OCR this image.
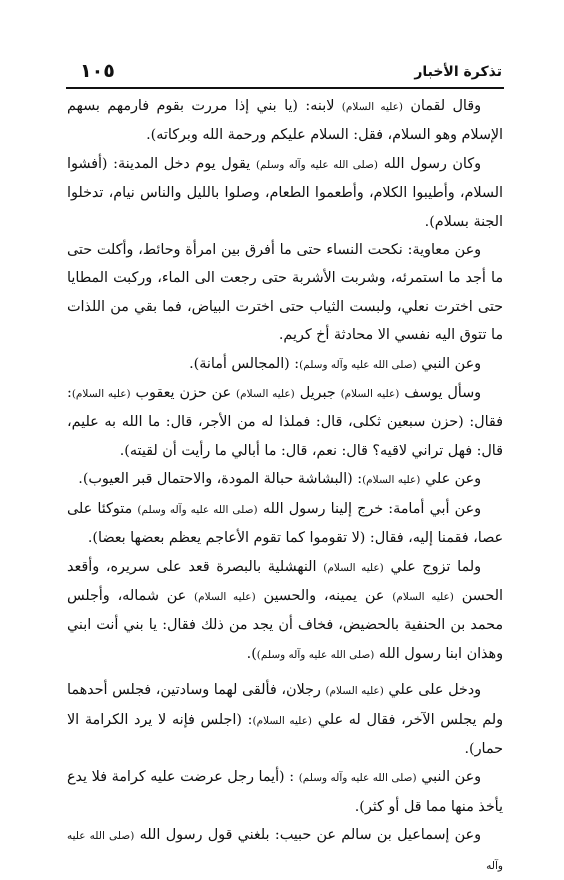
تذكرة الأخبار
١٠٥

وقال لقمان (عليه السلام) لابنه: (يا بني إذا مررت بقوم فارمهم بسهم الإسلام وهو السلام، فقل: السلام عليكم ورحمة الله وبركاته).

وكان رسول الله (صلى الله عليه وآله وسلم) يقول يوم دخل المدينة: (أفشوا السلام، وأطيبوا الكلام، وأطعموا الطعام، وصلوا بالليل والناس نيام، تدخلوا الجنة بسلام).

وعن معاوية: نكحت النساء حتى ما أفرق بين امرأة وحائط، وأكلت حتى ما أجد ما استمرئه، وشربت الأشربة حتى رجعت الى الماء، وركبت المطايا حتى اخترت نعلي، ولبست الثياب حتى اخترت البياض، فما بقي من اللذات ما تتوق اليه نفسي الا محادثة أخ كريم.

وعن النبي (صلى الله عليه وآله وسلم): (المجالس أمانة).

وسأل يوسف (عليه السلام) جبريل (عليه السلام) عن حزن يعقوب (عليه السلام): فقال: (حزن سبعين ثكلى، قال: فملذا له من الأجر، قال: ما الله به عليم، قال: فهل تراني لاقيه؟ قال: نعم، قال: ما أبالي ما رأيت أن لقيته).

وعن علي (عليه السلام): (البشاشة حبالة المودة، والاحتمال قبر العيوب).

وعن أبي أمامة: خرج إلينا رسول الله (صلى الله عليه وآله وسلم) متوكئا على عصا، فقمنا إليه، فقال: (لا تقوموا كما تقوم الأعاجم يعظم بعضها بعضا).

ولما تزوج علي (عليه السلام) النهشلية بالبصرة قعد على سريره، وأقعد الحسن (عليه السلام) عن يمينه، والحسين (عليه السلام) عن شماله، وأجلس محمد بن الحنفية بالحضيض، فخاف أن يجد من ذلك فقال: يا بني أنت ابني وهذان ابنا رسول الله (صلى الله عليه وآله وسلم)).

ودخل على علي (عليه السلام) رجلان، فألقى لهما وسادتين، فجلس أحدهما ولم يجلس الآخر، فقال له علي (عليه السلام): (اجلس فإنه لا يرد الكرامة الا حمار).

وعن النبي (صلى الله عليه وآله وسلم) : (أيما رجل عرضت عليه كرامة فلا يدع يأخذ منها مما قل أو كثر).

وعن إسماعيل بن سالم عن حبيب: بلغني قول رسول الله (صلى الله عليه وآله
